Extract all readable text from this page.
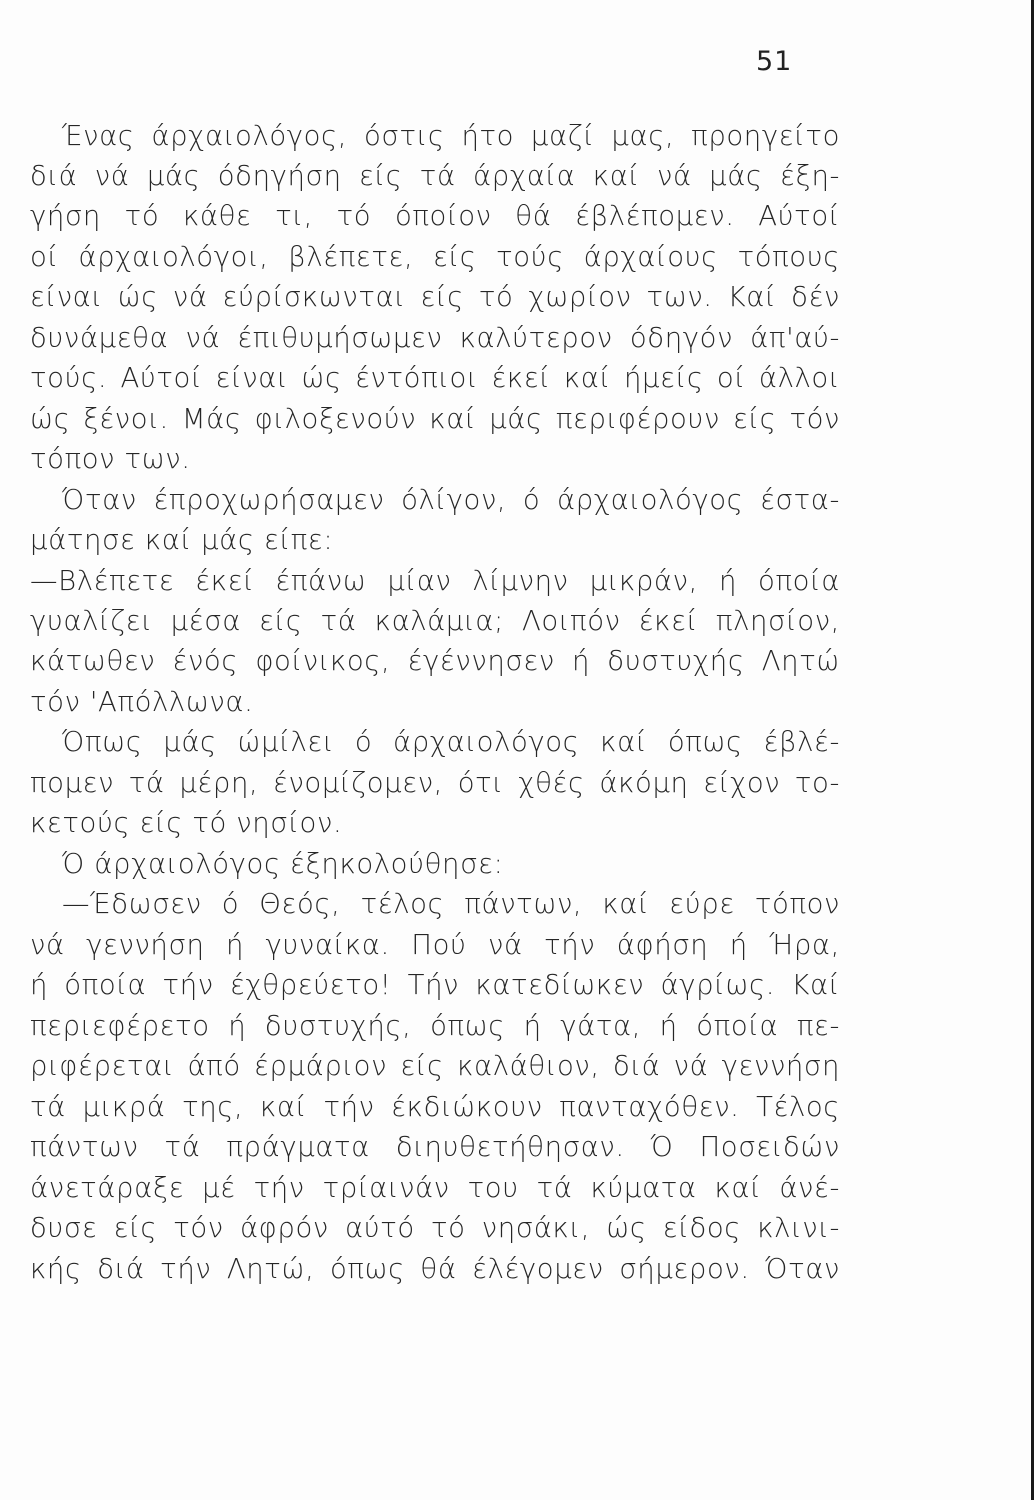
51
Ένας άρχαιολόγος, όστις ήτο μαζί μας, προηγείτο
διά νά μάς όδηγήση είς τά άρχαία καί νά μάς έξη-
γήση τό κάθε τι, τό όποίον θά έβλέπομεν. Αύτοί
οί άρχαιολόγοι, βλέπετε, είς τούς άρχαίους τόπους
είναι ώς νά εύρίσκωνται είς τό χωρίον των. Καί δέν
δυνάμεθα νά έπιθυμήσωμεν καλύτερον όδηγόν άπ'αύ-
τούς. Αύτοί είναι ώς έντόπιοι έκεί καί ήμείς οί άλλοι
ώς ξένοι. Μάς φιλοξενούν καί μάς περιφέρουν είς τόν
τόπον των.
Όταν έπροχωρήσαμεν όλίγον, ό άρχαιολόγος έστα-
μάτησε καί μάς είπε:
—Βλέπετε έκεί έπάνω μίαν λίμνην μικράν, ή όποία
γυαλίζει μέσα είς τά καλάμια; Λοιπόν έκεί πλησίον,
κάτωθεν ένός φοίνικος, έγέννησεν ή δυστυχής Λητώ
τόν 'Απόλλωνα.
Όπως μάς ώμίλει ό άρχαιολόγος καί όπως έβλέ-
πομεν τά μέρη, ένομίζομεν, ότι χθές άκόμη είχον το-
κετούς είς τό νησίον.
Ό άρχαιολόγος έξηκολούθησε:
—Έδωσεν ό Θεός, τέλος πάντων, καί εύρε τόπον
νά γεννήση ή γυναίκα. Πού νά τήν άφήση ή Ήρα,
ή όποία τήν έχθρεύετο! Τήν κατεδίωκεν άγρίως. Καί
περιεφέρετο ή δυστυχής, όπως ή γάτα, ή όποία πε-
ριφέρεται άπό έρμάριον είς καλάθιον, διά νά γεννήση
τά μικρά της, καί τήν έκδιώκουν πανταχόθεν. Τέλος
πάντων τά πράγματα διηυθετήθησαν. Ό Ποσειδών
άνετάραξε μέ τήν τρίαινάν του τά κύματα καί άνέ-
δυσε είς τόν άφρόν αύτό τό νησάκι, ώς είδος κλινι-
κής διά τήν Λητώ, όπως θά έλέγομεν σήμερον. Όταν
